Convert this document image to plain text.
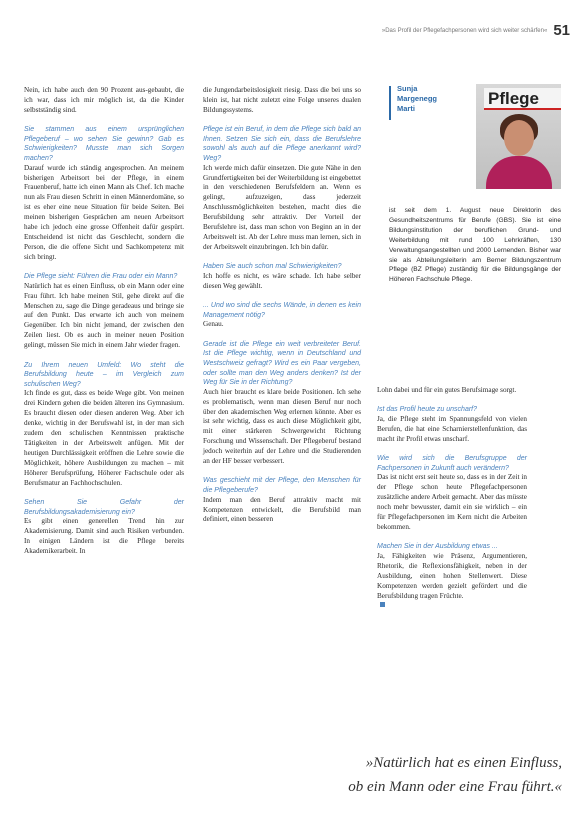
»Das Profil der Pflegefachpersonen wird sich weiter schärfen« 51

Nein, ich habe auch den 90 Prozent aus-gebaubt, die ich war, dass ich mir möglich ist, da die Kinder selbstständig sind.

Sie stammen aus einem ursprünglichen Pflegeberuf – wo sehen Sie gewinn? Gab es Schwierigkeiten? Musste man sich Sorgen machen?
Darauf wurde ich ständig angesprochen. An meinem bisherigen Arbeitsort bei der Pflege, in einem Frauenberuf, hatte ich einen Mann als Chef. Ich mache nun als Frau diesen Schritt in einen Männerdomäne, so ist es eher eine neue Situation für beide Seiten. Bei meinen bisherigen Gesprächen am neuen Arbeitsort habe ich jedoch eine grosse Offenheit dafür gespürt. Entscheidend ist nicht das Geschlecht, sondern die Person, die die offene Sicht und Sachkompetenz mit sich bringt.

Die Pflege sieht: Führen die Frau oder ein Mann?
Natürlich hat es einen Einfluss, ob ein Mann oder eine Frau führt. Ich habe meinen Stil, gehe direkt auf die Menschen zu, sage die Dinge geradeaus und bringe sie auf den Punkt. Das erwarte ich auch von meinem Gegenüber. Ich bin nicht jemand, der zwischen den Zeilen liest. Ob es auch in meiner neuen Position gelingt, müssen Sie mich in einem Jahr wieder fragen.

Zu Ihrem neuen Umfeld: Wo steht die Berufsbildung heute – im Vergleich zum schulischen Weg?
Ich finde es gut, dass es beide Wege gibt. Von meinen drei Kindern gehen die beiden älteren ins Gymnasium. Es braucht diesen oder diesen anderen Weg. Aber ich denke, wichtig in der Berufswahl ist, in der man sich zudem den schulischen Kenntnissen praktische Tätigkeiten in der Arbeitswelt anfügen. Mit der heutigen Durchlässigkeit eröffnen die Lehre sowie die Möglichkeit, höhere Ausbildungen zu machen – mit Höherer Berufsprüfung, Höherer Fachschule oder als Berufsmatur an Fachhochschulen.

Sehen Sie Gefahr der Berufsbildungsakademisierung ein?
Es gibt einen generellen Trend hin zur Akademisierung. Damit sind auch Risiken verbunden. In einigen Ländern ist die Pflege bereits Akademikerarbeit. In

die Jungendarbeitslosigkeit riesig. Dass die bei uns so klein ist, hat nicht zuletzt eine Folge unseres dualen Bildungssystems.

Pflege ist ein Beruf, in dem die Pflege sich bald an Ihnen. Setzen Sie sich ein, dass die Berufslehre sowohl als auch auf die Pflege anerkannt wird? Weg?
Ich werde mich dafür einsetzen. Die gute Nähe in den Grundfertigkeiten bei der Weiterbildung ist eingebettet in den verschiedenen Berufsfeldern an. Wenn es gelingt, aufzuzeigen, dass jederzeit Anschlussmöglichkeiten bestehen, macht dies die Berufsbildung sehr attraktiv. Der Vorteil der Berufslehre ist, dass man schon von Beginn an in der Arbeitswelt ist. Ab der Lehre muss man lernen, sich in der Arbeitswelt einzubringen. Ich bin dafür.

Haben Sie auch schon mal Schwierigkeiten?
Ich hoffe es nicht, es wäre schade. Ich habe selber diesen Weg gewählt.

... Und wo sind die sechs Wände, in denen es kein Management nötig?
Genau.

Gerade ist die Pflege ein weit verbreiteter Beruf. Ist die Pflege wichtig, wenn in Deutschland und Westschweiz gefragt? Wird es ein Paar vergeben, oder sollte man den Weg anders denken? Ist der Weg für Sie in der Richtung?
Auch hier braucht es klare beide Positionen. Ich sehe es problematisch, wenn man diesen Beruf nur noch über den akademischen Weg erlernen könnte. Aber es ist sehr wichtig, dass es auch diese Möglichkeit gibt, mit einer stärkeren Schwergewicht Richtung Forschung und Wissenschaft. Der Pflegeberuf bestand jedoch weiterhin auf der Lehre und die Studierenden an der HF besser verbessert.

Was geschieht mit der Pflege, den Menschen für die Pflegeberufe?
Indem man den Beruf attraktiv macht mit Kompetenzen entwickelt, die Berufsbild man definiert, einen besseren

Lohn dabei und für ein gutes Berufsimage sorgt.

Ist das Profil heute zu unscharf?
Ja, die Pflege steht im Spannungsfeld von vielen Berufen, die hat eine Scharnierstellenfunktion, das macht ihr Profil etwas unscharf.

Wie wird sich die Berufsgruppe der Fachpersonen in Zukunft auch verändern?
Das ist nicht erst seit heute so, dass es in der Zeit in der Pflege schon heute Pflegefachpersonen zusätzliche andere Arbeit gemacht. Aber das müsste noch mehr bewusster, damit ein sie wirklich – ein für Pflegefachpersonen im Kern nicht die Arbeiten bekommen.

Machen Sie in der Ausbildung etwas ...
Ja, Fähigkeiten wie Präsenz, Argumentieren, Rhetorik, die Reflexionsfähigkeit, neben in der Ausbildung, einen hohen Stellenwert. Diese Kompetenzen werden gezielt gefördert und die Berufsbildung tragen Früchte.

Sunja
Margenegg
Marti
Pflege
ist seit dem 1. August neue Direktorin des Gesundheitszentrums für Berufe (GBS). Sie ist eine Bildungsinstitution der beruflichen Grund- und Weiterbildung mit rund 100 Lehrkräften, 130 Verwaltungsangestellten und 2000 Lernenden. Bisher war sie als Abteilungsleiterin am Berner Bildungszentrum Pflege (BZ Pflege) zuständig für die Bildungsgänge der Höheren Fachschule Pflege.
»Natürlich hat es einen Einfluss,
ob ein Mann oder eine Frau führt.«
